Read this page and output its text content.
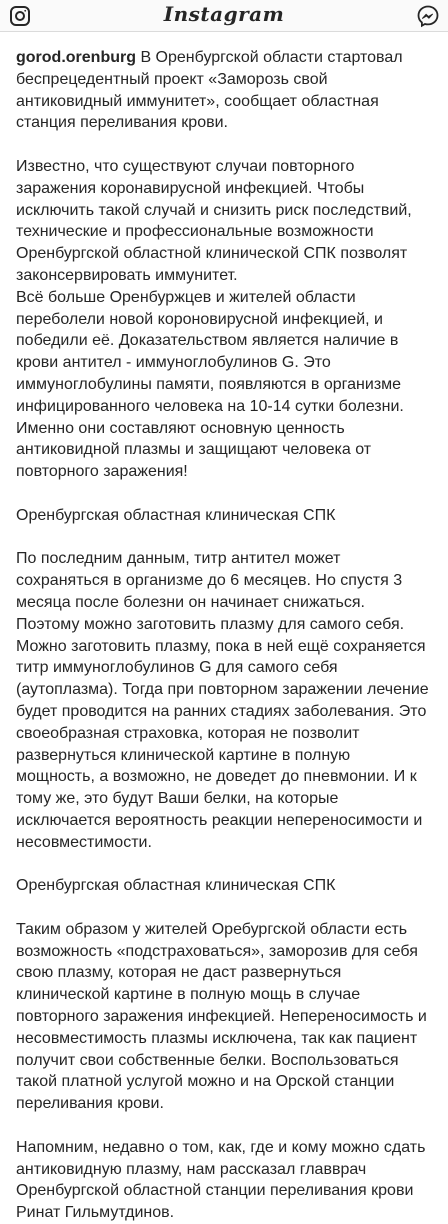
Instagram
gorod.orenburg В Оренбургской области стартовал
беспрецедентный проект «Заморозь свой
антиковидный иммунитет», сообщает областная
станция переливания крови.
Известно, что существуют случаи повторного
заражения коронавирусной инфекцией. Чтобы
исключить такой случай и снизить риск последствий,
технические и профессиональные возможности
Оренбургской областной клинической СПК позволят
законсервировать иммунитет.
Всё больше Оренбуржцев и жителей области
переболели новой короновирусной инфекцией, и
победили её. Доказательством является наличие в
крови антител - иммуноглобулинов G. Это
иммуноглобулины памяти, появляются в организме
инфицированного человека на 10-14 сутки болезни.
Именно они составляют основную ценность
антиковидной плазмы и защищают человека от
повторного заражения!
Оренбургская областная клиническая СПК
По последним данным, титр антител может
сохраняться в организме до 6 месяцев. Но спустя 3
месяца после болезни он начинает снижаться.
Поэтому можно заготовить плазму для самого себя.
Можно заготовить плазму, пока в ней ещё сохраняется
титр иммуноглобулинов G для самого себя
(аутоплазма). Тогда при повторном заражении лечение
будет проводится на ранних стадиях заболевания. Это
своеобразная страховка, которая не позволит
развернуться клинической картине в полную
мощность, а возможно, не доведет до пневмонии. И к
тому же, это будут Ваши белки, на которые
исключается вероятность реакции непереносимости и
несовместимости.
Оренбургская областная клиническая СПК
Таким образом у жителей Оребургской области есть
возможность «подстраховаться», заморозив для себя
свою плазму, которая не даст развернуться
клинической картине в полную мощь в случае
повторного заражения инфекцией. Непереносимость и
несовместимость плазмы исключена, так как пациент
получит свои собственные белки. Воспользоваться
такой платной услугой можно и на Орской станции
переливания крови.
Напомним, недавно о том, как, где и кому можно сдать
антиковидную плазму, нам рассказал главврач
Оренбургской областной станции переливания крови
Ринат Гильмутдинов.
